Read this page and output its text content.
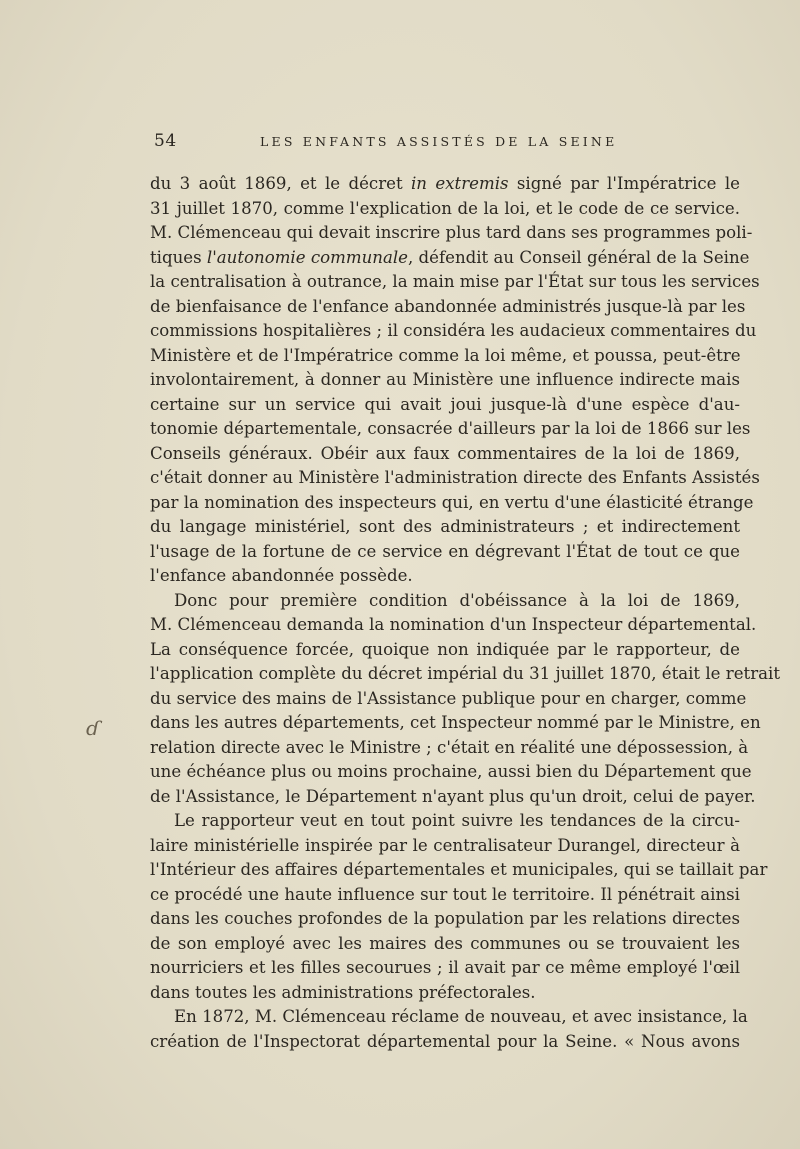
54	LES ENFANTS ASSISTÉS DE LA SEINE
du 3 août 1869, et le décret in extremis signé par l'Impératrice le
31 juillet 1870, comme l'explication de la loi, et le code de ce service.
M. Clémenceau qui devait inscrire plus tard dans ses programmes poli-
tiques l'autonomie communale, défendit au Conseil général de la Seine
la centralisation à outrance, la main mise par l'État sur tous les services
de bienfaisance de l'enfance abandonnée administrés jusque-là par les
commissions hospitalières ; il considéra les audacieux commentaires du
Ministère et de l'Impératrice comme la loi même, et poussa, peut-être
involontairement, à donner au Ministère une influence indirecte mais
certaine sur un service qui avait joui jusque-là d'une espèce d'au-
tonomie départementale, consacrée d'ailleurs par la loi de 1866 sur les
Conseils généraux. Obéir aux faux commentaires de la loi de 1869,
c'était donner au Ministère l'administration directe des Enfants Assistés
par la nomination des inspecteurs qui, en vertu d'une élasticité étrange
du langage ministériel, sont des administrateurs ; et indirectement
l'usage de la fortune de ce service en dégrevant l'État de tout ce que
l'enfance abandonnée possède.
Donc pour première condition d'obéissance à la loi de 1869,
M. Clémenceau demanda la nomination d'un Inspecteur départemental.
La conséquence forcée, quoique non indiquée par le rapporteur, de
l'application complète du décret impérial du 31 juillet 1870, était le retrait
du service des mains de l'Assistance publique pour en charger, comme
dans les autres départements, cet Inspecteur nommé par le Ministre, en
relation directe avec le Ministre ; c'était en réalité une dépossession, à
une échéance plus ou moins prochaine, aussi bien du Département que
de l'Assistance, le Département n'ayant plus qu'un droit, celui de payer.
Le rapporteur veut en tout point suivre les tendances de la circu-
laire ministérielle inspirée par le centralisateur Durangel, directeur à
l'Intérieur des affaires départementales et municipales, qui se taillait par
ce procédé une haute influence sur tout le territoire. Il pénétrait ainsi
dans les couches profondes de la population par les relations directes
de son employé avec les maires des communes ou se trouvaient les
nourriciers et les filles secourues ; il avait par ce même employé l'œil
dans toutes les administrations préfectorales.
En 1872, M. Clémenceau réclame de nouveau, et avec insistance, la
création de l'Inspectorat départemental pour la Seine. « Nous avons
ɗ
